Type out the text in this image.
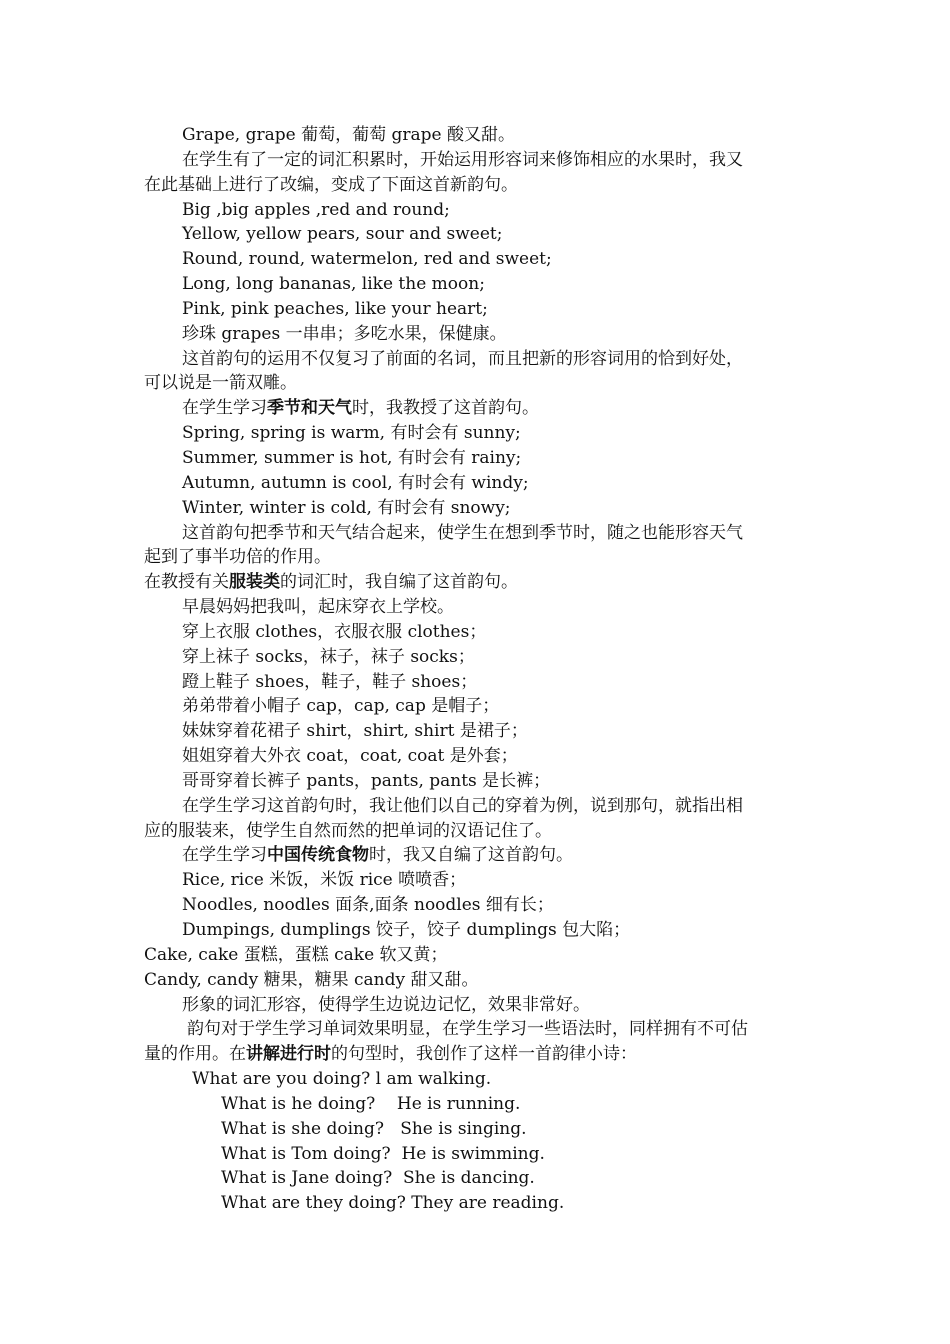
Grape, grape 葡萄，葡萄 grape 酸又甜。
在学生有了一定的词汇积累时，开始运用形容词来修饰相应的水果时，我又
在此基础上进行了改编，变成了下面这首新韵句。
Big ,big apples ,red and round;
Yellow, yellow pears, sour and sweet;
Round, round, watermelon, red and sweet;
Long, long bananas, like the moon;
Pink, pink peaches, like your heart;
珍珠 grapes 一串串；多吃水果，保健康。
这首韵句的运用不仅复习了前面的名词，而且把新的形容词用的恰到好处，
可以说是一箭双雕。
在学生学习季节和天气时，我教授了这首韵句。
Spring, spring is warm, 有时会有 sunny;
Summer, summer is hot, 有时会有 rainy;
Autumn, autumn is cool, 有时会有 windy;
Winter, winter is cold, 有时会有 snowy;
这首韵句把季节和天气结合起来，使学生在想到季节时，随之也能形容天气
起到了事半功倍的作用。
在教授有关服装类的词汇时，我自编了这首韵句。
早晨妈妈把我叫，起床穿衣上学校。
穿上衣服 clothes，衣服衣服 clothes；
穿上袜子 socks，袜子，袜子 socks；
蹬上鞋子 shoes，鞋子，鞋子 shoes；
弟弟带着小帽子 cap，cap, cap 是帽子；
妹妹穿着花裙子 shirt，shirt, shirt 是裙子；
姐姐穿着大外衣 coat，coat, coat 是外套；
哥哥穿着长裤子 pants，pants, pants 是长裤；
在学生学习这首韵句时，我让他们以自己的穿着为例，说到那句，就指出相
应的服装来，使学生自然而然的把单词的汉语记住了。
在学生学习中国传统食物时，我又自编了这首韵句。
Rice, rice 米饭，米饭 rice 喷喷香；
Noodles, noodles 面条,面条 noodles 细有长；
Dumpings, dumplings 饺子，饺子 dumplings 包大陷；
Cake, cake 蛋糕，蛋糕 cake 软又黄；
Candy, candy 糖果，糖果 candy 甜又甜。
形象的词汇形容，使得学生边说边记忆，效果非常好。
韵句对于学生学习单词效果明显，在学生学习一些语法时，同样拥有不可估
量的作用。在讲解进行时的句型时，我创作了这样一首韵律小诗：
What are you doing? l am walking.
What is he doing?    He is running.
What is she doing?   She is singing.
What is Tom doing?  He is swimming.
What is Jane doing?  She is dancing.
What are they doing? They are reading.
